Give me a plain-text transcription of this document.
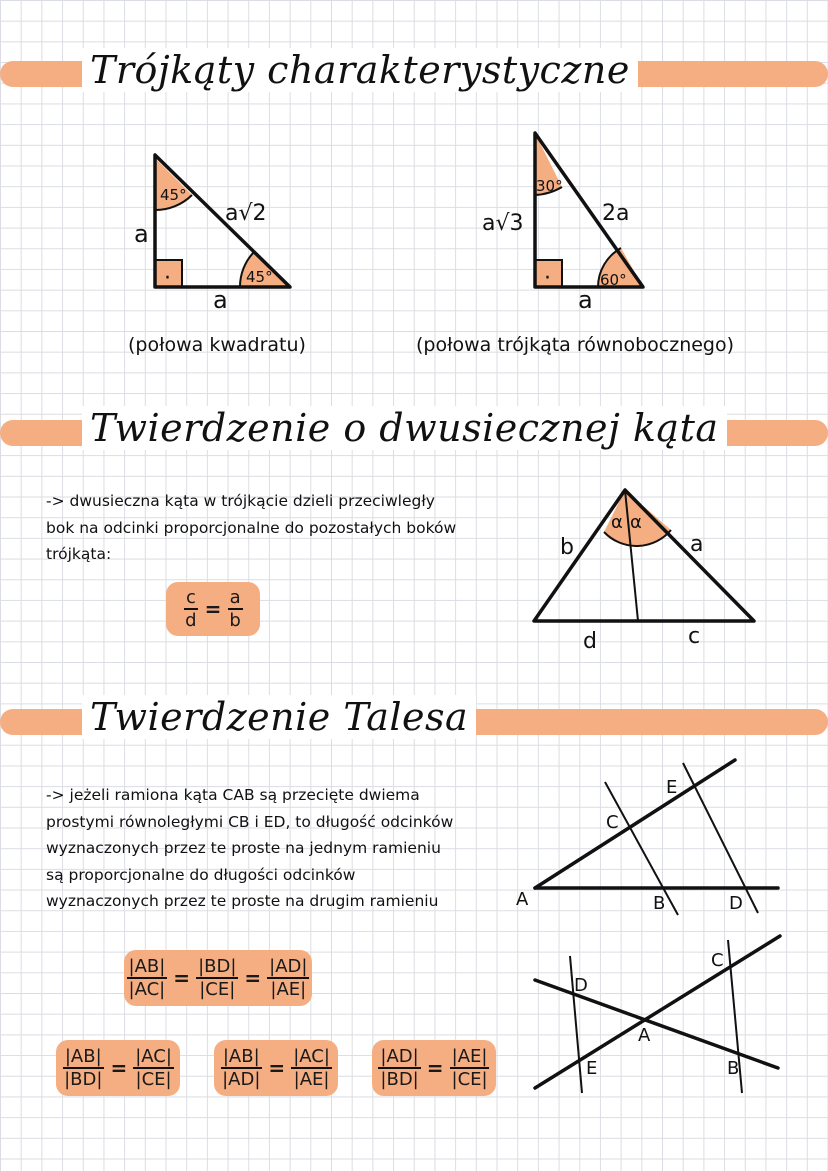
Trójkąty charakterystyczne
45°
45°
·
a√2
a
a
(połowa kwadratu)
30°
60°
·
2a
a√3
a
(połowa trójkąta równobocznego)
Twierdzenie o dwusiecznej kąta
-> dwusieczna kąta w trójkącie dzieli przeciwległy
bok na odcinki proporcjonalne do pozostałych boków
trójkąta:
$\frac{c}{d} = \frac{a}{b}$
α α
b	a
d	c
Twierdzenie Talesa
-> jeżeli ramiona kąta CAB są przecięte dwiema
prostymi równoległymi CB i ED, to długość odcinków
wyznaczonych przez te proste na jednym ramieniu
są proporcjonalne do długości odcinków
wyznaczonych przez te proste na drugim ramieniu
$\frac{|AB|}{|AC|} = \frac{|BD|}{|CE|} = \frac{|AD|}{|AE|}$
$\frac{|AB|}{|BD|} = \frac{|AC|}{|CE|}$	$\frac{|AB|}{|AD|} = \frac{|AC|}{|AE|}$	$\frac{|AD|}{|BD|} = \frac{|AE|}{|CE|}$
A	B
C
D
E
A
B
C
D
E
